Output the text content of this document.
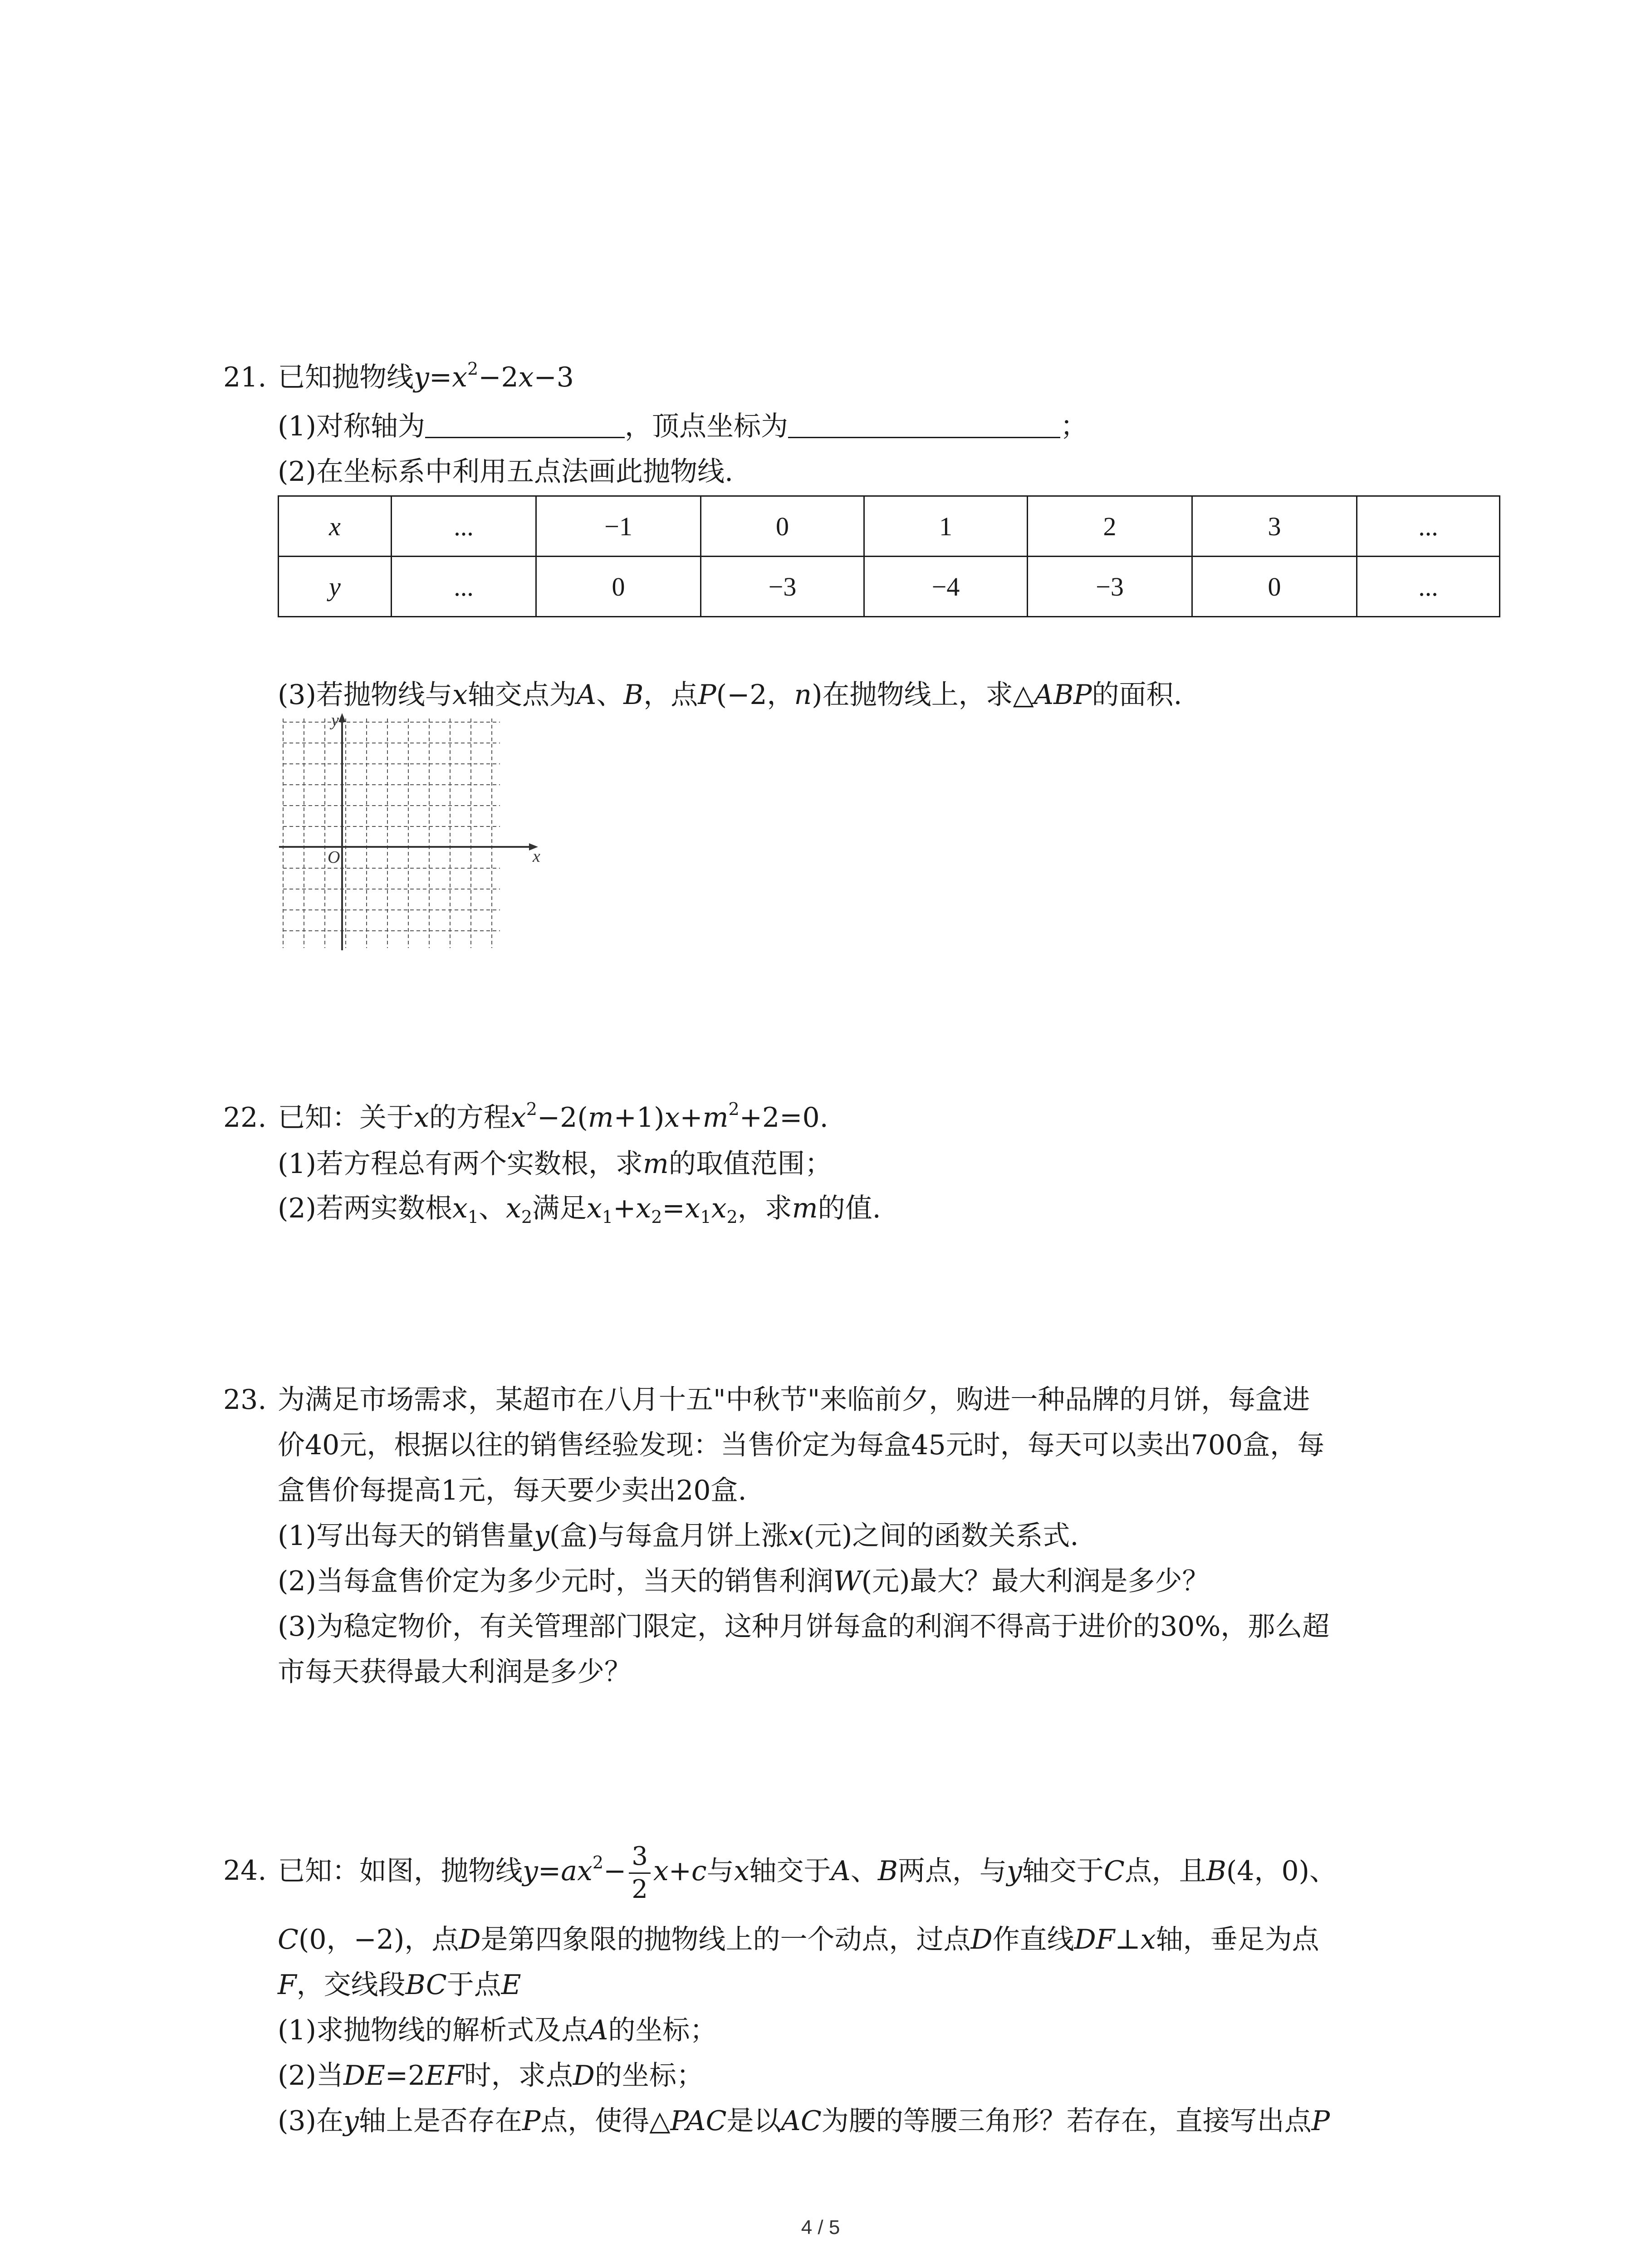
21. 已知抛物线$y=x^2-2x-3$
(1)对称轴为	，顶点坐标为	；
(2)在坐标系中利用五点法画此抛物线.
x	...	−1	0	1	2	3	...
y	...	0	−3	−4	−3	0	...
(3)若抛物线与x轴交点为A、B，点P(−2，n)在抛物线上，求△ABP的面积.
O	x
y
22. 已知：关于x的方程$x^2-2(m+1)x+m^2+2=0$.
(1)若方程总有两个实数根，求m的取值范围；
(2)若两实数根$x_1$、$x_2$满足$x_1+x_2=x_1x_2$，求m的值.
23. 为满足市场需求，某超市在八月十五"中秋节"来临前夕，购进一种品牌的月饼，每盒进
价40元，根据以往的销售经验发现：当售价定为每盒45元时，每天可以卖出700盒，每
盒售价每提高1元，每天要少卖出20盒.
(1)写出每天的销售量y(盒)与每盒月饼上涨x(元)之间的函数关系式.
(2)当每盒售价定为多少元时，当天的销售利润W(元)最大？最大利润是多少？
(3)为稳定物价，有关管理部门限定，这种月饼每盒的利润不得高于进价的30%，那么超
市每天获得最大利润是多少？
24. 已知：如图，抛物线$y=ax^2- \frac{3}{2} x+c$与x轴交于A、B两点，与y轴交于C点，且B(4，0)、
C(0，−2)，点D是第四象限的抛物线上的一个动点，过点D作直线DF⊥x轴，垂足为点
F，交线段BC于点E
(1)求抛物线的解析式及点A的坐标；
(2)当DE=2EF时，求点D的坐标；
(3)在y轴上是否存在P点，使得△PAC是以AC为腰的等腰三角形？若存在，直接写出点P
4 / 5
